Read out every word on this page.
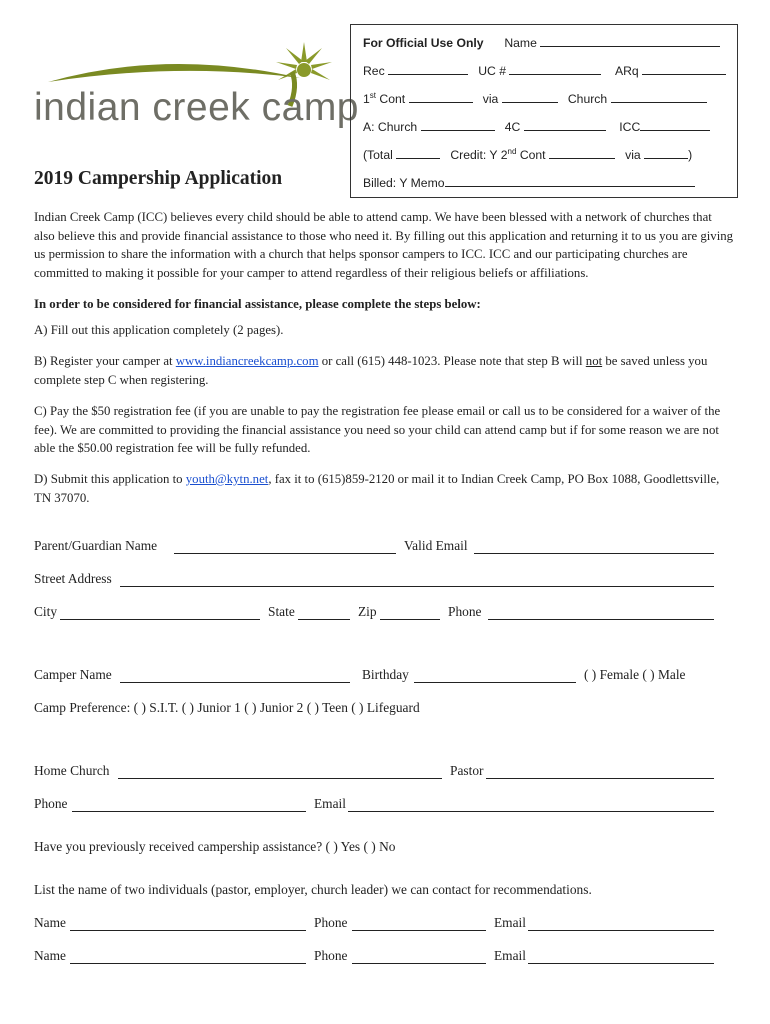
indian creek camp
For Official Use Only Name
Rec	UC #	ARq
1st Cont	via	Church
A: Church	4C	ICC
(Total	Credit: Y 2nd Cont	via	)
Billed: Y Memo
2019 Campership Application
Indian Creek Camp (ICC) believes every child should be able to attend camp. We have been blessed with a network of churches that also believe this and provide financial assistance to those who need it. By filling out this application and returning it to us you are giving us permission to share the information with a church that helps sponsor campers to ICC. ICC and our participating churches are committed to making it possible for your camper to attend regardless of their religious beliefs or affiliations.
In order to be considered for financial assistance, please complete the steps below:
A) Fill out this application completely (2 pages).
B) Register your camper at www.indiancreekcamp.com or call (615) 448-1023. Please note that step B will not be saved unless you complete step C when registering.
C) Pay the $50 registration fee (if you are unable to pay the registration fee please email or call us to be considered for a waiver of the fee). We are committed to providing the financial assistance you need so your child can attend camp but if for some reason we are not able the $50.00 registration fee will be fully refunded.
D) Submit this application to youth@kytn.net, fax it to (615)859-2120 or mail it to Indian Creek Camp, PO Box 1088, Goodlettsville, TN 37070.
Parent/Guardian Name	Valid Email
Street Address
City	State	Zip	Phone
Camper Name	Birthday	( ) Female ( ) Male
Camp Preference: ( ) S.I.T. ( ) Junior 1 ( ) Junior 2 ( ) Teen ( ) Lifeguard
Home Church	Pastor
Phone	Email
Have you previously received campership assistance? ( ) Yes ( ) No
List the name of two individuals (pastor, employer, church leader) we can contact for recommendations.
Name	Phone	Email
Name	Phone	Email
